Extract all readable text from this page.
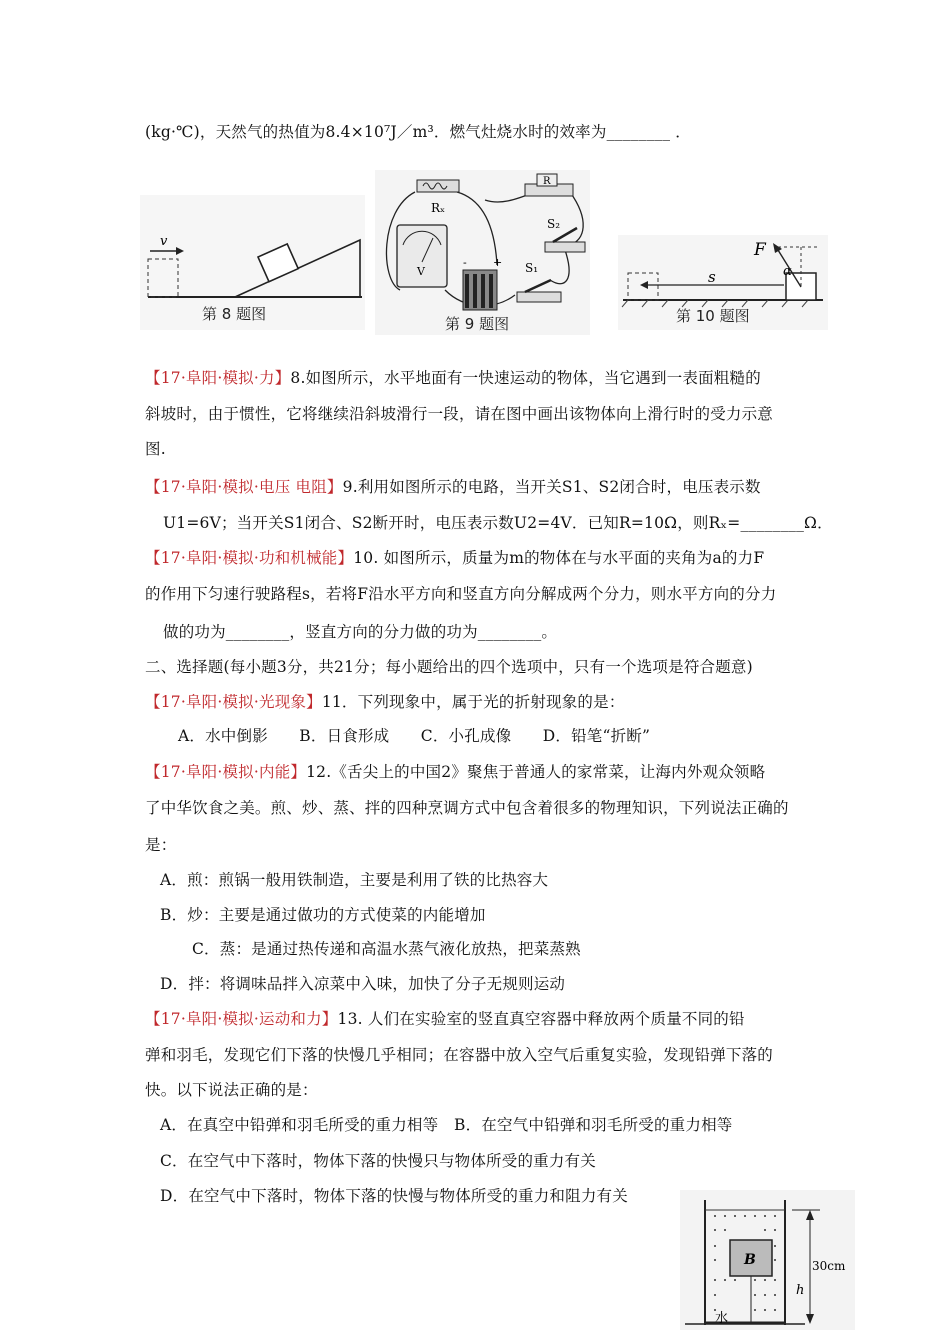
(kg·℃)，天然气的热值为8.4×10⁷J／m³．燃气灶烧水时的效率为________ ．
v
第 8 题图
Rₓ
R
S₂
S₁
V
+
-
第 9 题图
s
F
α
第 10 题图
【17·阜阳·模拟·力】8.如图所示，水平地面有一快速运动的物体，当它遇到一表面粗糙的
斜坡时，由于惯性，它将继续沿斜坡滑行一段，请在图中画出该物体向上滑行时的受力示意
图.
【17·阜阳·模拟·电压 电阻】9.利用如图所示的电路，当开关S1、S2闭合时，电压表示数
U1=6V；当开关S1闭合、S2断开时，电压表示数U2=4V．已知R=10Ω，则Rₓ=________Ω．
【17·阜阳·模拟·功和机械能】10. 如图所示，质量为m的物体在与水平面的夹角为a的力F
的作用下匀速行驶路程s，若将F沿水平方向和竖直方向分解成两个分力，则水平方向的分力
做的功为________，竖直方向的分力做的功为________。
二、选择题(每小题3分，共21分；每小题给出的四个选项中，只有一个选项是符合题意)
【17·阜阳·模拟·光现象】11．下列现象中，属于光的折射现象的是：
A．水中倒影　　B．日食形成　　C．小孔成像　　D．铅笔“折断”
【17·阜阳·模拟·内能】12.《舌尖上的中国2》聚焦于普通人的家常菜，让海内外观众领略
了中华饮食之美。煎、炒、蒸、拌的四种烹调方式中包含着很多的物理知识，下列说法正确的
是：
A．煎：煎锅一般用铁制造，主要是利用了铁的比热容大
B．炒：主要是通过做功的方式使菜的内能增加
C．蒸：是通过热传递和高温水蒸气液化放热，把菜蒸熟
D．拌：将调味品拌入凉菜中入味，加快了分子无规则运动
【17·阜阳·模拟·运动和力】13. 人们在实验室的竖直真空容器中释放两个质量不同的铅
弹和羽毛，发现它们下落的快慢几乎相同；在容器中放入空气后重复实验，发现铅弹下落的
快。以下说法正确的是：
A．在真空中铅弹和羽毛所受的重力相等　B．在空气中铅弹和羽毛所受的重力相等
C．在空气中下落时，物体下落的快慢只与物体所受的重力有关
D．在空气中下落时，物体下落的快慢与物体所受的重力和阻力有关
B	30cm
h
水
